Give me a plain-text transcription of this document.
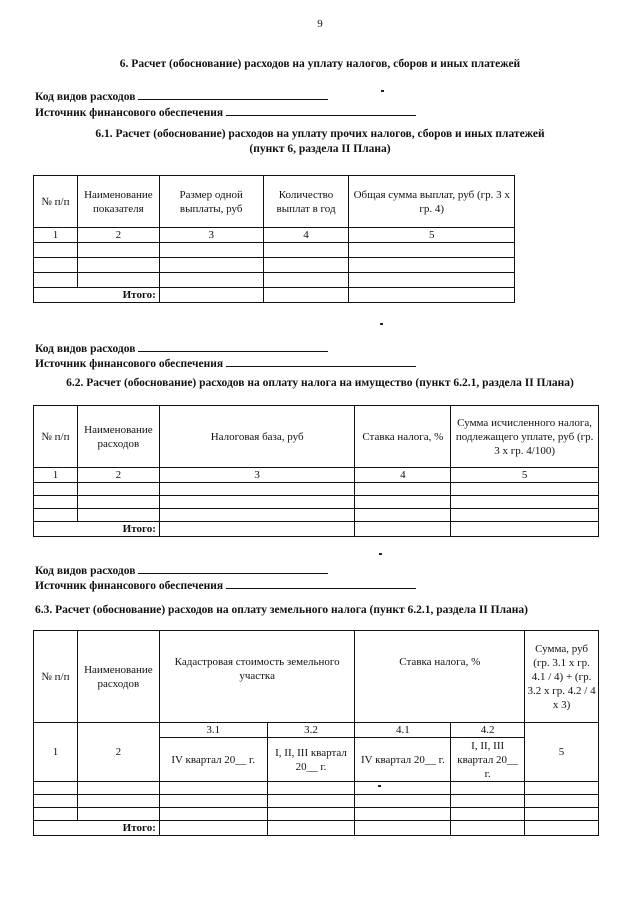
9
6. Расчет (обоснование) расходов на уплату налогов, сборов и иных платежей
Код видов расходов
Источник финансового обеспечения
6.1. Расчет (обоснование) расходов на уплату прочих налогов, сборов и иных платежей
(пункт 6, раздела II Плана)
№ п/п	Наименование показателя	Размер одной выплаты, руб	Количество выплат в год	Общая сумма выплат, руб (гр. 3 х гр. 4)
1	2	3	4	5

Итого:				
Код видов расходов
Источник финансового обеспечения
6.2. Расчет (обоснование) расходов на оплату налога на имущество (пункт 6.2.1, раздела II Плана)
№ п/п	Наименование расходов	Налоговая база, руб	Ставка налога, %	Сумма исчисленного налога, подлежащего уплате, руб (гр. 3 х гр. 4/100)
1	2	3	4	5

Итого:				
Код видов расходов
Источник финансового обеспечения
6.3. Расчет (обоснование) расходов на оплату земельного налога (пункт 6.2.1, раздела II Плана)
№ п/п	Наименование расходов	Кадастровая стоимость земельного участка		Ставка налога, %		Сумма, руб (гр. 3.1 х гр. 4.1 / 4) + (гр. 3.2 х гр. 4.2 / 4 х 3)

1	2	3.1	3.2	4.1	4.2	5
		IV квартал 20__ г.	I, II, III квартал 20__ г.	IV квартал 20__ г.	I, II, III квартал 20__ г.	

Итого:						
